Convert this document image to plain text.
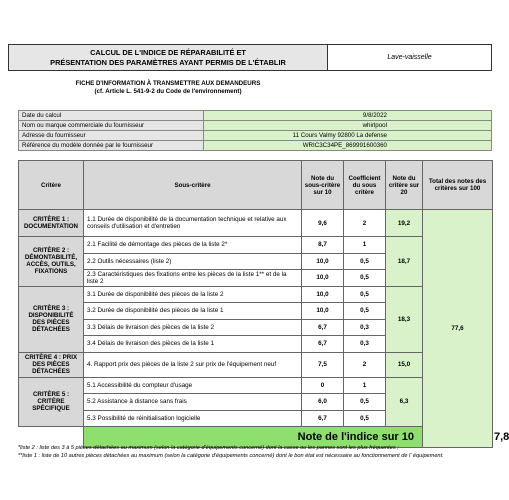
CALCUL DE L'INDICE DE RÉPARABILITÉ ET
PRÉSENTATION DES PARAMÈTRES AYANT PERMIS DE L'ÉTABLIR
Lave-vaisselle
FICHE D'INFORMATION À TRANSMETTRE AUX DEMANDEURS
(cf. Article L. 541-9-2 du Code de l'environnement)
Date du calcul	9/8/2022
Nom ou marque commerciale du fournisseur	whirlpool
Adresse du fournisseur	11 Cours Valmy 92800 La defense
Référence du modèle donnée par le fournisseur	WRIC3C34PE_869991600360
Critère	Sous-critère	Note du sous-critère sur 10	Coefficient du sous critère	Note du critère sur 20	Total des notes des critères sur 100	
CRITÈRE 1 : DOCUMENTATION	1.1 Durée de disponibilité de la documentation technique et relative aux conseils d'utilisation et d'entretien	9,6	2	19,2	77,6	
CRITÈRE 2 : DÉMONTABILITÉ, ACCÈS, OUTILS, FIXATIONS	2.1 Facilité de démontage des pièces de la liste 2*	8,7	1	18,7		
	2.2 Outils nécessaires (liste 2)	10,0	0,5			
	2.3 Caractéristiques des fixations entre les pièces de la liste 1** et de la liste 2	10,0	0,5			
CRITÈRE 3 : DISPONIBILITÉ DES PIÈCES DÉTACHÉES	3.1 Durée de disponibilité des pièces de la liste 2	10,0	0,5	18,3		
	3.2 Durée de disponibilité des pièces de la liste 1	10,0	0,5			
	3.3 Délais de livraison des pièces de la liste 2	6,7	0,3			
	3.4 Délais de livraison des pièces de la liste 1	6,7	0,3			
CRITÈRE 4 : PRIX DES PIÈCES DÉTACHÉES	4. Rapport prix des pièces de la liste 2 sur prix de l'équipement neuf	7,5	2	15,0		
CRITÈRE 5 : CRITÈRE SPÉCIFIQUE	5.1 Accessibilité du compteur d'usage	0	1	6,3		
	5.2 Assistance à distance sans frais	6,0	0,5			
	5.3 Possibilité de réinitialisation logicielle	6,7	0,5			
	Note de l'indice sur 10					7,8
*liste 2 : liste des 3 à 5 pièces détachées au maximum (selon la catégorie d'équipements concerné) dont la casse ou les pannes sont les plus fréquentes ;
**liste 1 : liste de 10 autres pièces détachées au maximum (selon la catégorie d'équipements concerné) dont le bon état est nécessaire au fonctionnement de l' équipement.
